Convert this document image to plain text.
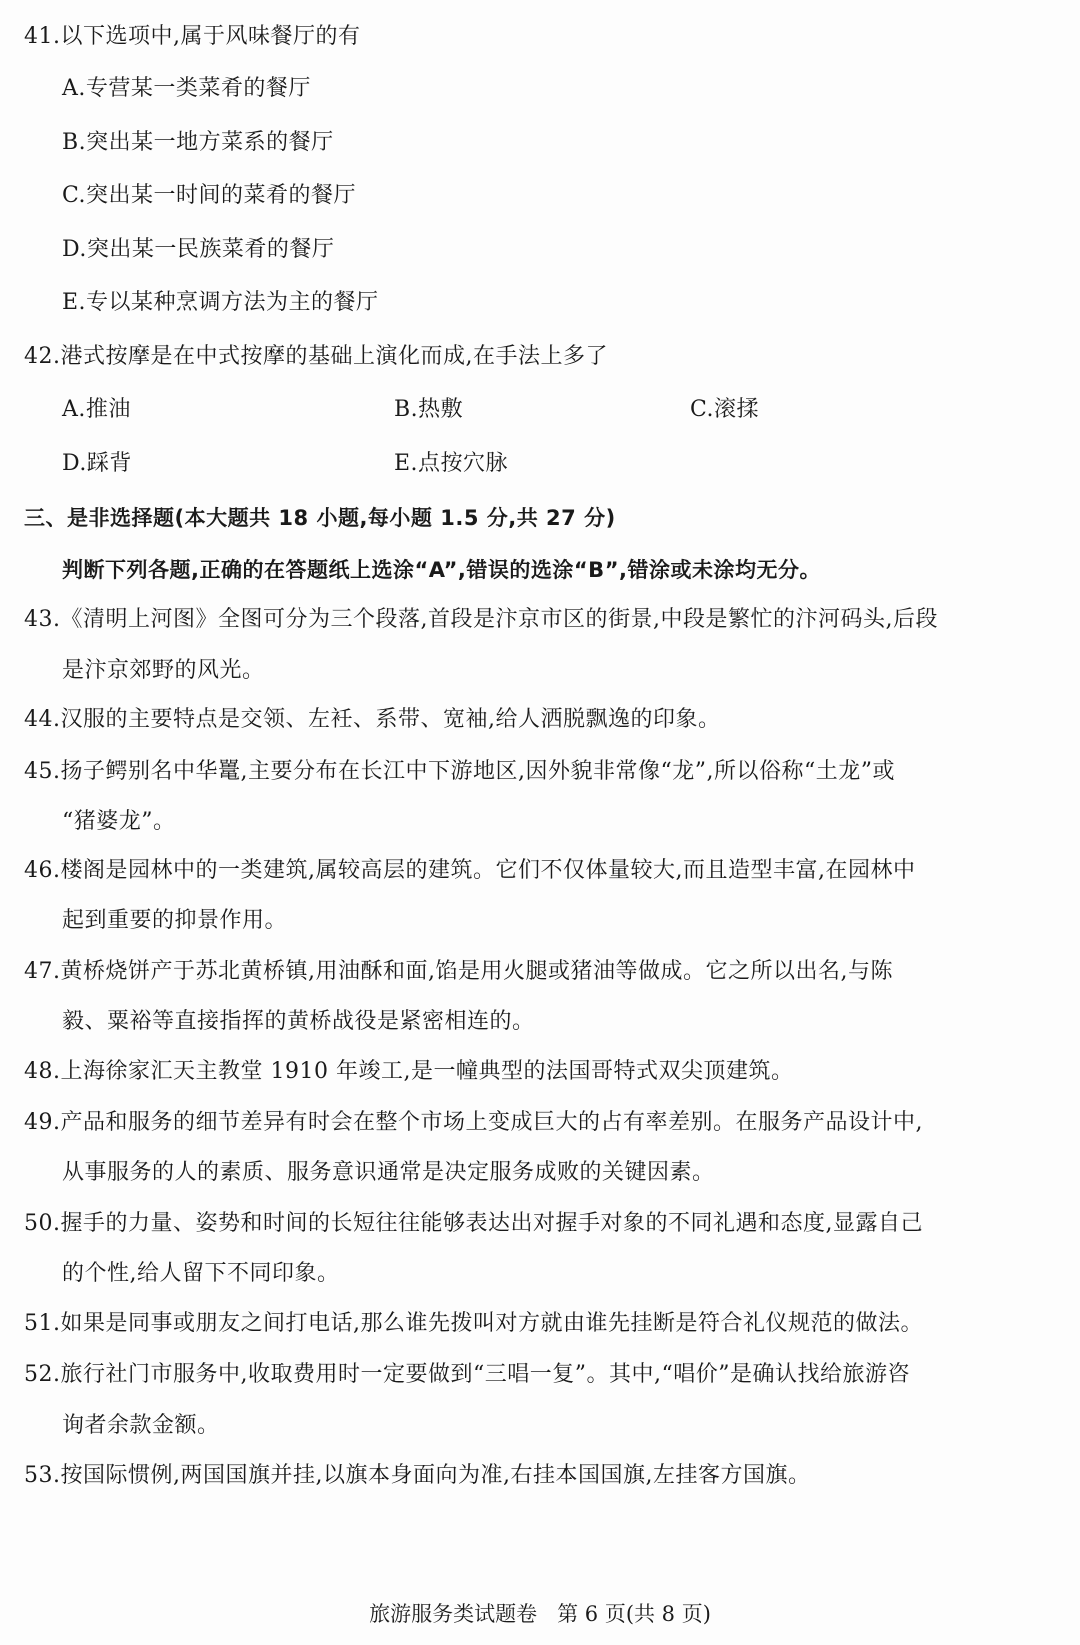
41.以下选项中,属于风味餐厅的有
A.专营某一类菜肴的餐厅
B.突出某一地方菜系的餐厅
C.突出某一时间的菜肴的餐厅
D.突出某一民族菜肴的餐厅
E.专以某种烹调方法为主的餐厅
42.港式按摩是在中式按摩的基础上演化而成,在手法上多了
A.推油	B.热敷	C.滚揉
D.踩背	E.点按穴脉
三、是非选择题(本大题共 18 小题,每小题 1.5 分,共 27 分)
判断下列各题,正确的在答题纸上选涂“A”,错误的选涂“B”,错涂或未涂均无分。
43.《清明上河图》全图可分为三个段落,首段是汴京市区的街景,中段是繁忙的汴河码头,后段
是汴京郊野的风光。
44.汉服的主要特点是交领、左衽、系带、宽袖,给人洒脱飘逸的印象。
45.扬子鳄别名中华鼍,主要分布在长江中下游地区,因外貌非常像“龙”,所以俗称“土龙”或
“猪婆龙”。
46.楼阁是园林中的一类建筑,属较高层的建筑。它们不仅体量较大,而且造型丰富,在园林中
起到重要的抑景作用。
47.黄桥烧饼产于苏北黄桥镇,用油酥和面,馅是用火腿或猪油等做成。它之所以出名,与陈
毅、粟裕等直接指挥的黄桥战役是紧密相连的。
48.上海徐家汇天主教堂 1910 年竣工,是一幢典型的法国哥特式双尖顶建筑。
49.产品和服务的细节差异有时会在整个市场上变成巨大的占有率差别。在服务产品设计中,
从事服务的人的素质、服务意识通常是决定服务成败的关键因素。
50.握手的力量、姿势和时间的长短往往能够表达出对握手对象的不同礼遇和态度,显露自己
的个性,给人留下不同印象。
51.如果是同事或朋友之间打电话,那么谁先拨叫对方就由谁先挂断是符合礼仪规范的做法。
52.旅行社门市服务中,收取费用时一定要做到“三唱一复”。其中,“唱价”是确认找给旅游咨
询者余款金额。
53.按国际惯例,两国国旗并挂,以旗本身面向为准,右挂本国国旗,左挂客方国旗。
旅游服务类试题卷   第 6 页(共 8 页)
